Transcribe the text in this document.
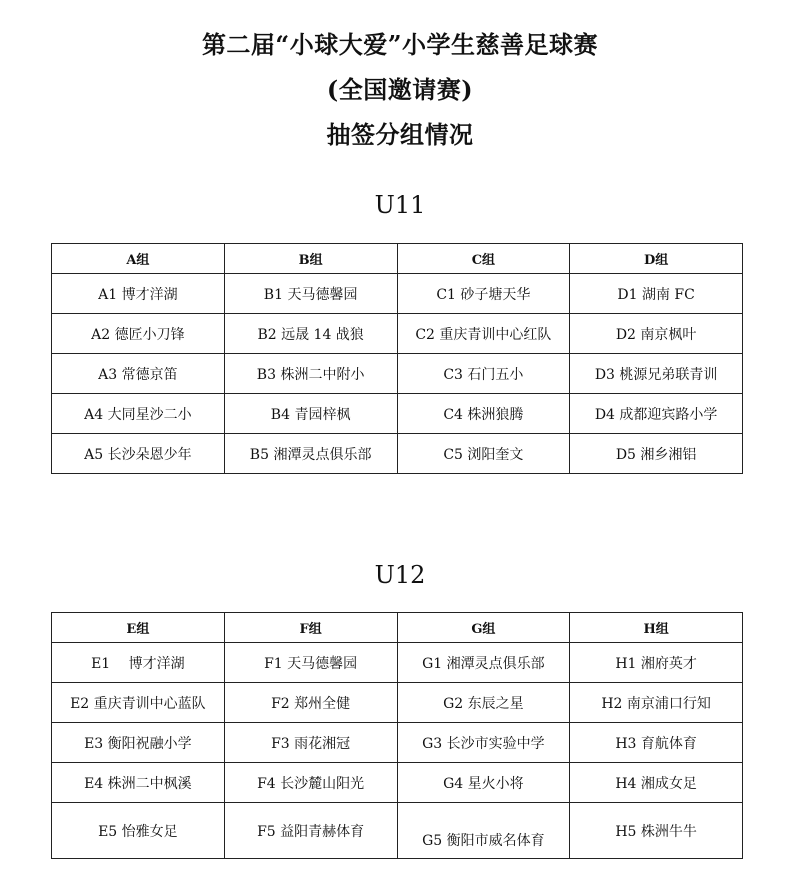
第二届“小球大爱”小学生慈善足球赛
(全国邀请赛)
抽签分组情况
U11
A组	B组	C组	D组
A1 博才洋湖	B1 天马德馨园	C1 砂子塘天华	D1 湖南 FC
A2 德匠小刀锋	B2 远晟 14 战狼	C2 重庆青训中心红队	D2 南京枫叶
A3 常德京笛	B3 株洲二中附小	C3 石门五小	D3 桃源兄弟联青训
A4 大同星沙二小	B4 青园梓枫	C4 株洲狼腾	D4 成都迎宾路小学
A5 长沙朵恩少年	B5 湘潭灵点俱乐部	C5 浏阳奎文	D5 湘乡湘铝
U12
E组	F组	G组	H组
E1　 博才洋湖	F1 天马德馨园	G1 湘潭灵点俱乐部	H1 湘府英才
E2 重庆青训中心蓝队	F2 郑州全健	G2 东辰之星	H2 南京浦口行知
E3 衡阳祝融小学	F3 雨花湘冠	G3 长沙市实验中学	H3 育航体育
E4 株洲二中枫溪	F4 长沙麓山阳光	G4 星火小将	H4 湘成女足
E5 怡雅女足	F5 益阳青赫体育	G5 衡阳市威名体育	H5 株洲牛牛
